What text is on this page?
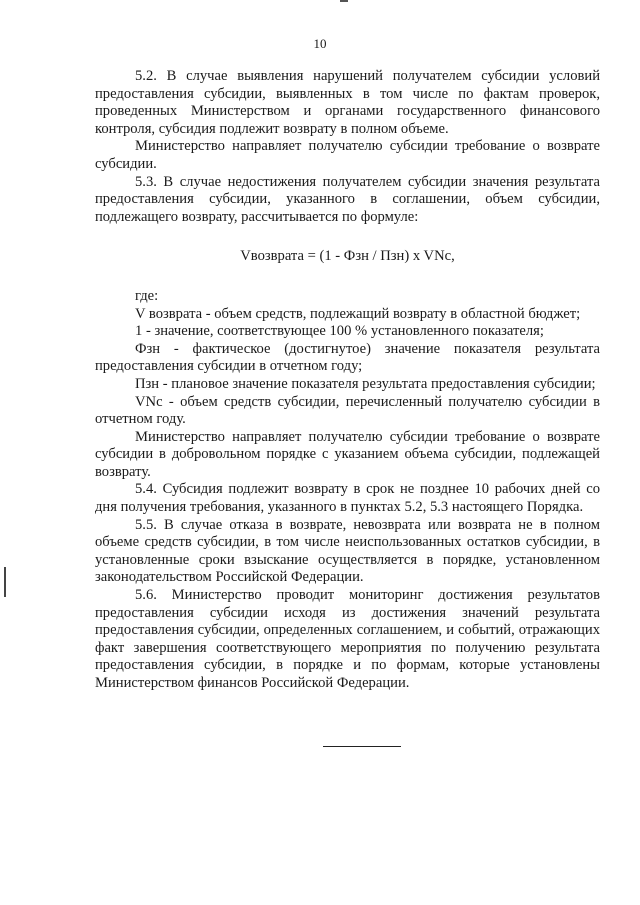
10

5.2. В случае выявления нарушений получателем субсидии условий предоставления субсидии, выявленных в том числе по фактам проверок, проведенных Министерством и органами государственного финансового контроля, субсидия подлежит возврату в полном объеме.

Министерство направляет получателю субсидии требование о возврате субсидии.

5.3. В случае недостижения получателем субсидии значения результата предоставления субсидии, указанного в соглашении, объем субсидии, подлежащего возврату, рассчитывается по формуле:

Vвозврата = (1 - Фзн / Пзн) x VNc,

где:

V возврата - объем средств, подлежащий возврату в областной бюджет;

1 - значение, соответствующее 100 % установленного показателя;

Фзн - фактическое (достигнутое) значение показателя результата предоставления субсидии в отчетном году;

Пзн - плановое значение показателя результата предоставления субсидии;

VNc - объем средств субсидии, перечисленный получателю субсидии в отчетном году.

Министерство направляет получателю субсидии требование о возврате субсидии в добровольном порядке с указанием объема субсидии, подлежащей возврату.

5.4. Субсидия подлежит возврату в срок не позднее 10 рабочих дней со дня получения требования, указанного в пунктах 5.2, 5.3 настоящего Порядка.

5.5. В случае отказа в возврате, невозврата или возврата не в полном объеме средств субсидии, в том числе неиспользованных остатков субсидии, в установленные сроки взыскание осуществляется в порядке, установленном законодательством Российской Федерации.

5.6. Министерство проводит мониторинг достижения результатов предоставления субсидии исходя из достижения значений результата предоставления субсидии, определенных соглашением, и событий, отражающих факт завершения соответствующего мероприятия по получению результата предоставления субсидии, в порядке и по формам, которые установлены Министерством финансов Российской Федерации.
